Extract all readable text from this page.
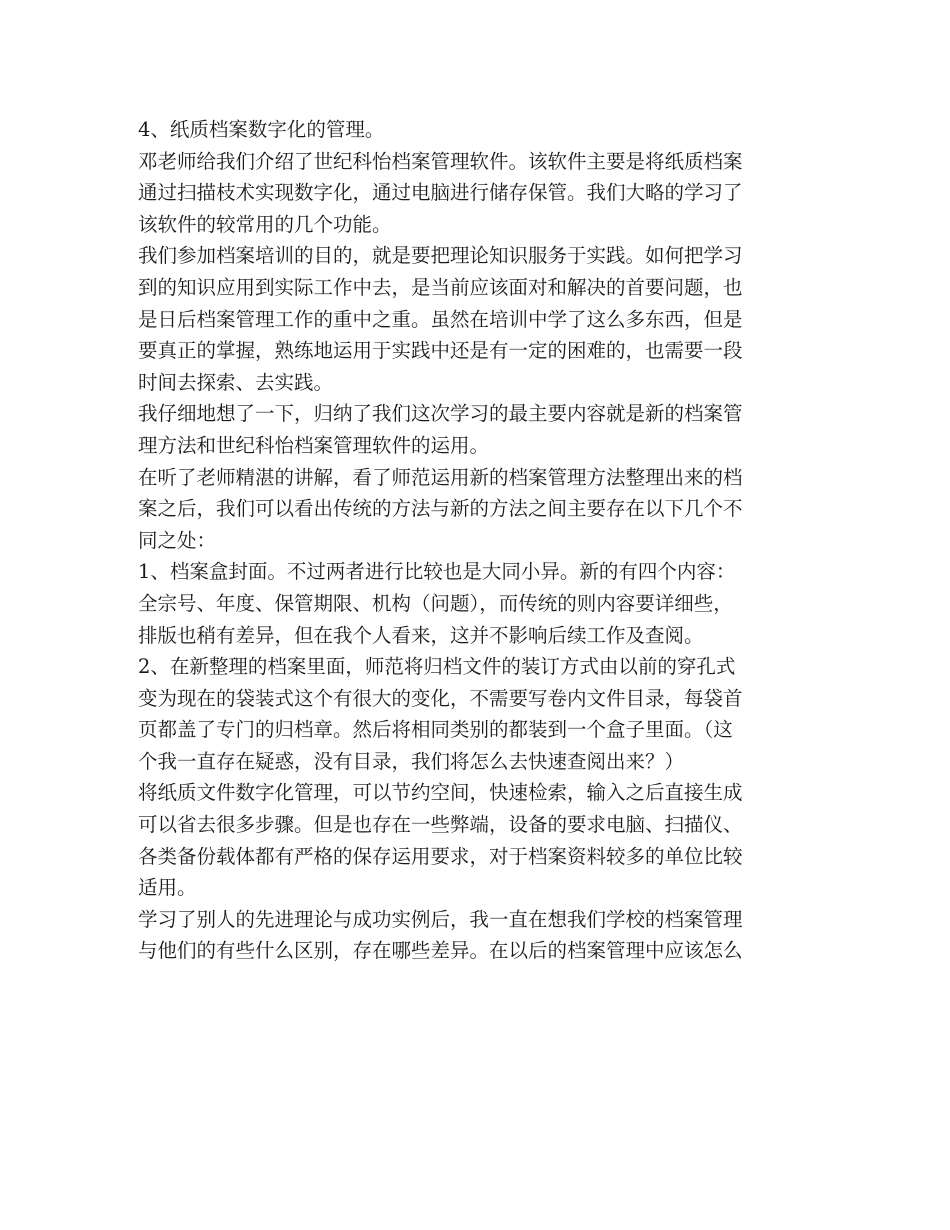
4、纸质档案数字化的管理。
邓老师给我们介绍了世纪科怡档案管理软件。该软件主要是将纸质档案
通过扫描枝术实现数字化，通过电脑进行储存保管。我们大略的学习了
该软件的较常用的几个功能。
我们参加档案培训的目的，就是要把理论知识服务于实践。如何把学习
到的知识应用到实际工作中去，是当前应该面对和解决的首要问题，也
是日后档案管理工作的重中之重。虽然在培训中学了这么多东西，但是
要真正的掌握，熟练地运用于实践中还是有一定的困难的，也需要一段
时间去探索、去实践。
我仔细地想了一下，归纳了我们这次学习的最主要内容就是新的档案管
理方法和世纪科怡档案管理软件的运用。
在听了老师精湛的讲解，看了师范运用新的档案管理方法整理出来的档
案之后，我们可以看出传统的方法与新的方法之间主要存在以下几个不
同之处：
1、档案盒封面。不过两者进行比较也是大同小异。新的有四个内容：
全宗号、年度、保管期限、机构（问题），而传统的则内容要详细些，
排版也稍有差异，但在我个人看来，这并不影响后续工作及查阅。
2、在新整理的档案里面，师范将归档文件的装订方式由以前的穿孔式
变为现在的袋装式这个有很大的变化，不需要写卷内文件目录，每袋首
页都盖了专门的归档章。然后将相同类别的都装到一个盒子里面。（这
个我一直存在疑惑，没有目录，我们将怎么去快速查阅出来？）
将纸质文件数字化管理，可以节约空间，快速检索，输入之后直接生成
可以省去很多步骤。但是也存在一些弊端，设备的要求电脑、扫描仪、
各类备份载体都有严格的保存运用要求，对于档案资料较多的单位比较
适用。
学习了别人的先进理论与成功实例后，我一直在想我们学校的档案管理
与他们的有些什么区别，存在哪些差异。在以后的档案管理中应该怎么
